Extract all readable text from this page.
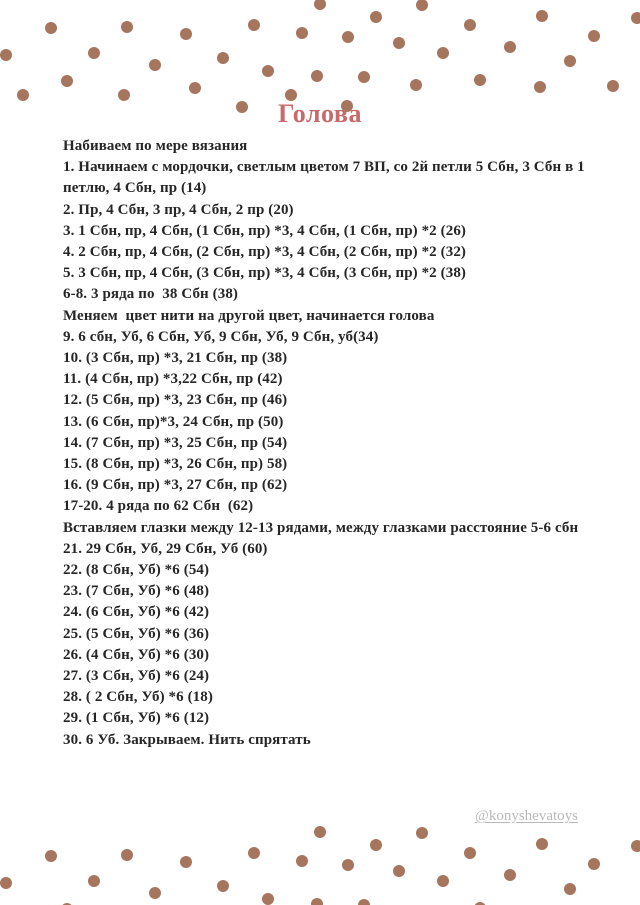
Голова
Набиваем по мере вязания
1. Начинаем с мордочки, светлым цветом 7 ВП, со 2й петли 5 Сбн, 3 Сбн в 1
петлю, 4 Сбн, пр (14)
2. Пр, 4 Сбн, 3 пр, 4 Сбн, 2 пр (20)
3. 1 Сбн, пр, 4 Сбн, (1 Сбн, пр) *3, 4 Сбн, (1 Сбн, пр) *2 (26)
4. 2 Сбн, пр, 4 Сбн, (2 Сбн, пр) *3, 4 Сбн, (2 Сбн, пр) *2 (32)
5. 3 Сбн, пр, 4 Сбн, (3 Сбн, пр) *3, 4 Сбн, (3 Сбн, пр) *2 (38)
6-8. 3 ряда по  38 Сбн (38)
Меняем  цвет нити на другой цвет, начинается голова
9. 6 сбн, Уб, 6 Сбн, Уб, 9 Сбн, Уб, 9 Сбн, уб(34)
10. (3 Сбн, пр) *3, 21 Сбн, пр (38)
11. (4 Сбн, пр) *3,22 Сбн, пр (42)
12. (5 Сбн, пр) *3, 23 Сбн, пр (46)
13. (6 Сбн, пр)*3, 24 Сбн, пр (50)
14. (7 Сбн, пр) *3, 25 Сбн, пр (54)
15. (8 Сбн, пр) *3, 26 Сбн, пр) 58)
16. (9 Сбн, пр) *3, 27 Сбн, пр (62)
17-20. 4 ряда по 62 Сбн  (62)
Вставляем глазки между 12-13 рядами, между глазками расстояние 5-6 сбн
21. 29 Сбн, Уб, 29 Сбн, Уб (60)
22. (8 Сбн, Уб) *6 (54)
23. (7 Сбн, Уб) *6 (48)
24. (6 Сбн, Уб) *6 (42)
25. (5 Сбн, Уб) *6 (36)
26. (4 Сбн, Уб) *6 (30)
27. (3 Сбн, Уб) *6 (24)
28. ( 2 Сбн, Уб) *6 (18)
29. (1 Сбн, Уб) *6 (12)
30. 6 Уб. Закрываем. Нить спрятать
@konyshevatoys
